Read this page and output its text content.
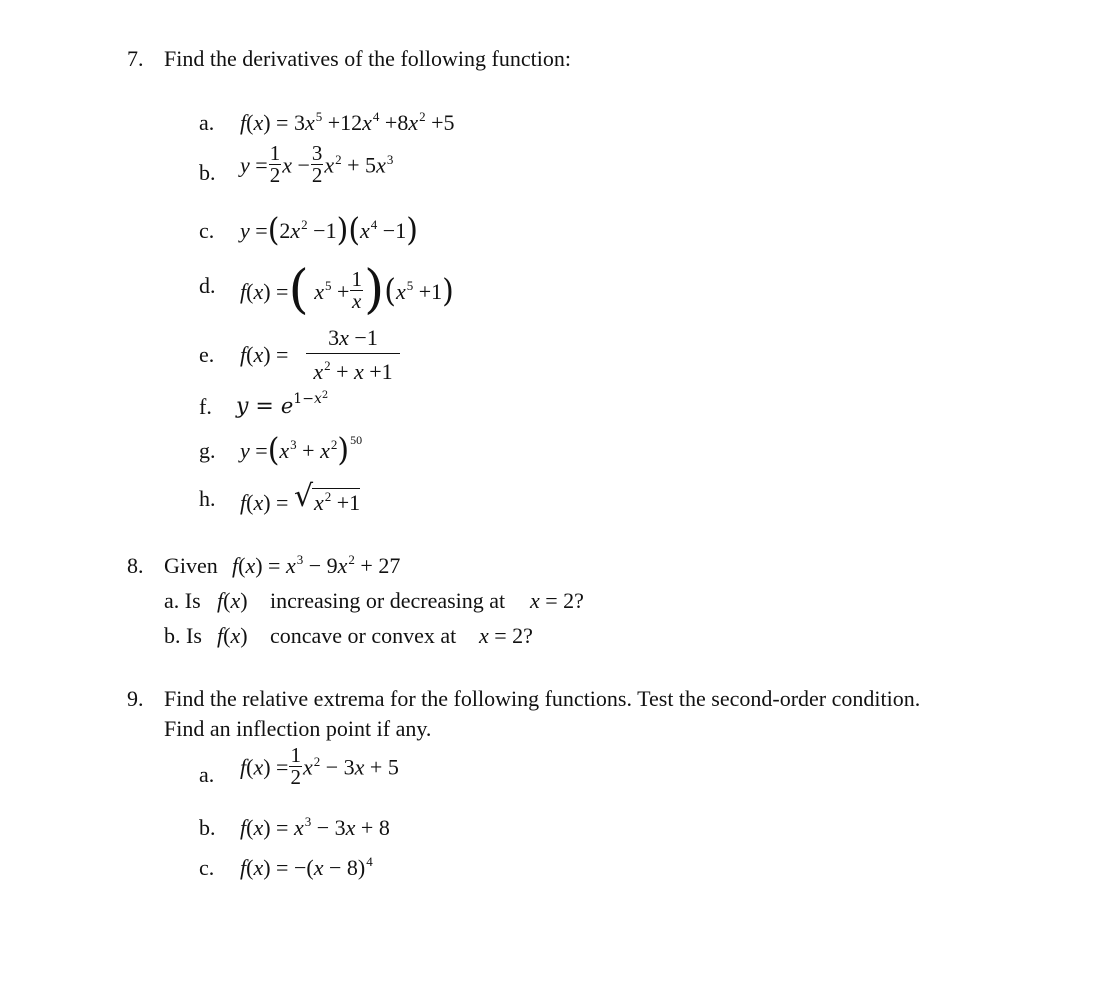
7. Find the derivatives of the following function:
a. $f(x) = 3x^5 +12x^4 +8x^2 +5$
b. $y = \frac{1}{2}$ $x - \frac{3}{2} x^2 + 5x^3$
c. $y =(2x^2 -1)(x^4 -1)$
d. f(x) =( $x^5 + \frac{1}{x} )(x^5 +1)$
e. f(x) =
3x −1
$x^2 + x +1$
f. $y = e^{1-x^2}$
g. $y =(x^3 + x^2)^{50}$
h. f(x) = √ $x^2 +1$
8. Given $f(x) = x^3 - 9x^2 + 27$
a. Is f(x) increasing or decreasing at x = 2?
b. Is f(x) concave or convex at x = 2?
9. Find the relative extrema for the following functions. Test the second-order condition.
Find an inflection point if any.
a. $f(x) = \frac{1}{2} x^2 - 3x + 5$
b. $f(x) = x^3 - 3x + 8$
c. $f(x) = -(x - 8)^4$
